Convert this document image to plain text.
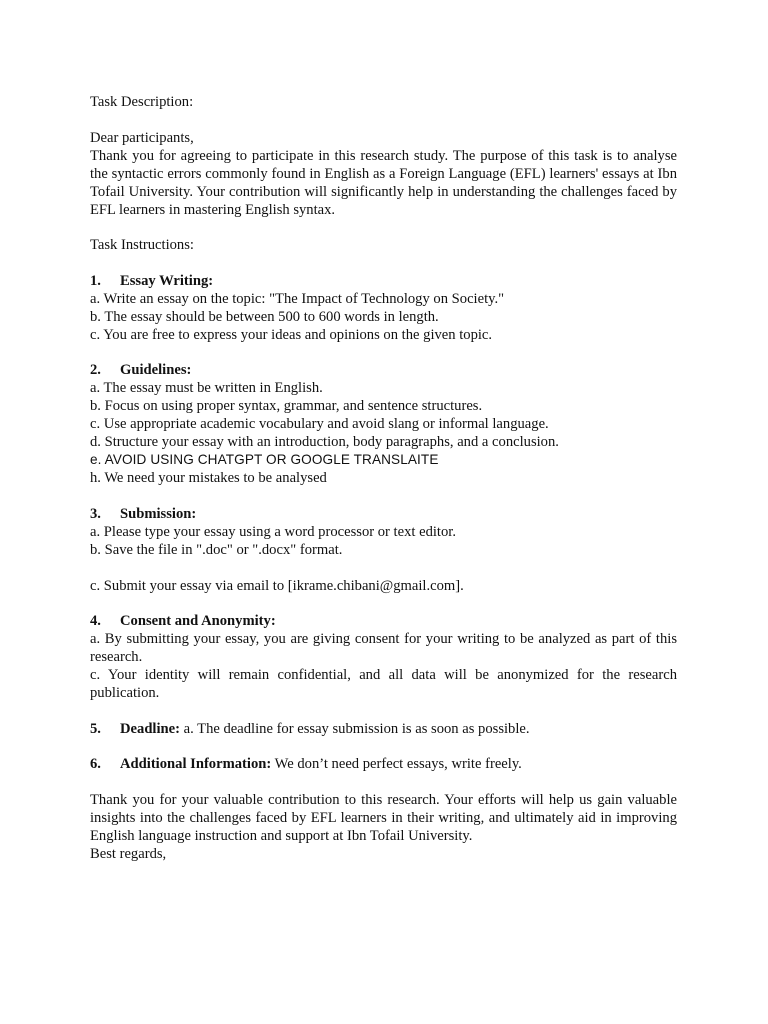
Task Description:
Dear participants,
Thank you for agreeing to participate in this research study. The purpose of this task is to analyse the syntactic errors commonly found in English as a Foreign Language (EFL) learners' essays at Ibn Tofail University. Your contribution will significantly help in understanding the challenges faced by EFL learners in mastering English syntax.
Task Instructions:
1. Essay Writing:
a. Write an essay on the topic: "The Impact of Technology on Society."
b. The essay should be between 500 to 600 words in length.
c. You are free to express your ideas and opinions on the given topic.
2. Guidelines:
a. The essay must be written in English.
b. Focus on using proper syntax, grammar, and sentence structures.
c. Use appropriate academic vocabulary and avoid slang or informal language.
d. Structure your essay with an introduction, body paragraphs, and a conclusion.
e. AVOID USING CHATGPT OR GOOGLE TRANSLAITE
h. We need your mistakes to be analysed
3. Submission:
a. Please type your essay using a word processor or text editor.
b. Save the file in ".doc" or ".docx" format.
c. Submit your essay via email to [ikrame.chibani@gmail.com].
4. Consent and Anonymity:
a. By submitting your essay, you are giving consent for your writing to be analyzed as part of this research.
c. Your identity will remain confidential, and all data will be anonymized for the research publication.
5. Deadline: a. The deadline for essay submission is as soon as possible.
6. Additional Information: We don’t need perfect essays, write freely.
Thank you for your valuable contribution to this research. Your efforts will help us gain valuable insights into the challenges faced by EFL learners in their writing, and ultimately aid in improving English language instruction and support at Ibn Tofail University.
Best regards,
